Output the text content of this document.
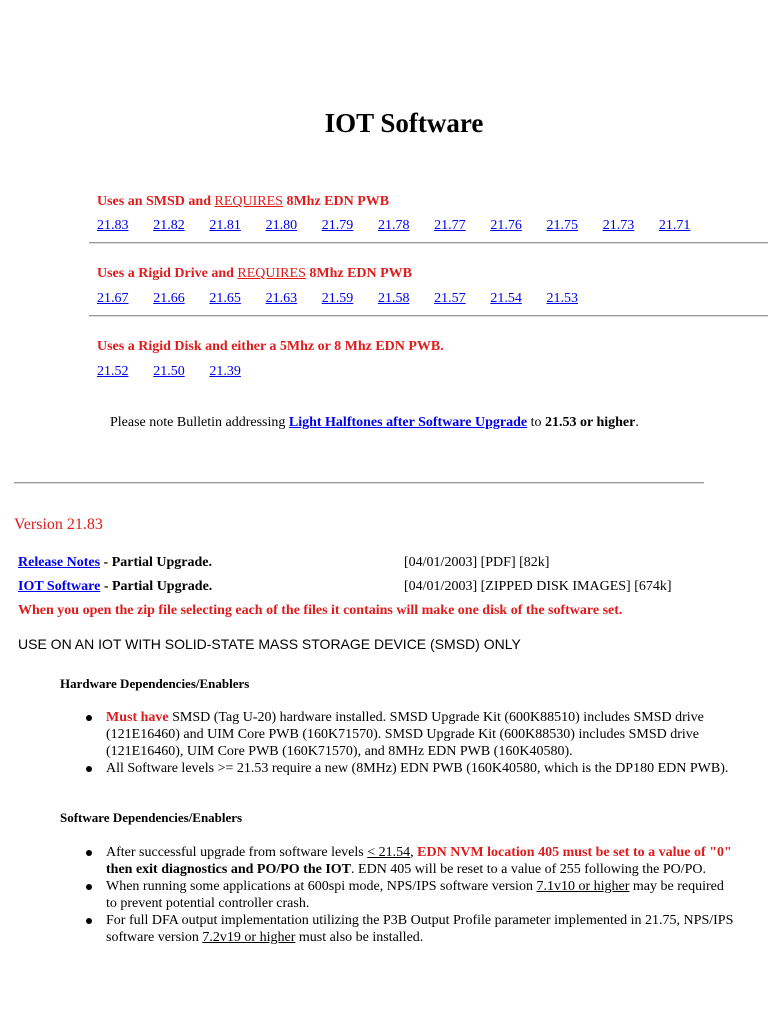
IOT Software
Uses an SMSD and REQUIRES 8Mhz EDN PWB
21.83	21.82	21.81	21.80	21.79	21.78	21.77	21.76	21.75	21.73	21.71
Uses a Rigid Drive and REQUIRES 8Mhz EDN PWB
21.67	21.66	21.65	21.63	21.59	21.58	21.57	21.54	21.53
Uses a Rigid Disk and either a 5Mhz or 8 Mhz EDN PWB.
21.52	21.50	21.39
Please note Bulletin addressing Light Halftones after Software Upgrade to 21.53 or higher.
Version 21.83
Release Notes - Partial Upgrade.	[04/01/2003] [PDF] [82k]
IOT Software - Partial Upgrade.	[04/01/2003] [ZIPPED DISK IMAGES] [674k]
When you open the zip file selecting each of the files it contains will make one disk of the software set.
USE ON AN IOT WITH SOLID-STATE MASS STORAGE DEVICE (SMSD) ONLY
Hardware Dependencies/Enablers
Must have SMSD (Tag U-20) hardware installed. SMSD Upgrade Kit (600K88510) includes SMSD drive (121E16460) and UIM Core PWB (160K71570). SMSD Upgrade Kit (600K88530) includes SMSD drive (121E16460), UIM Core PWB (160K71570), and 8MHz EDN PWB (160K40580).
All Software levels >= 21.53 require a new (8MHz) EDN PWB (160K40580, which is the DP180 EDN PWB).
Software Dependencies/Enablers
After successful upgrade from software levels < 21.54, EDN NVM location 405 must be set to a value of "0" then exit diagnostics and PO/PO the IOT. EDN 405 will be reset to a value of 255 following the PO/PO.
When running some applications at 600spi mode, NPS/IPS software version 7.1v10 or higher may be required to prevent potential controller crash.
For full DFA output implementation utilizing the P3B Output Profile parameter implemented in 21.75, NPS/IPS software version 7.2v19 or higher must also be installed.
